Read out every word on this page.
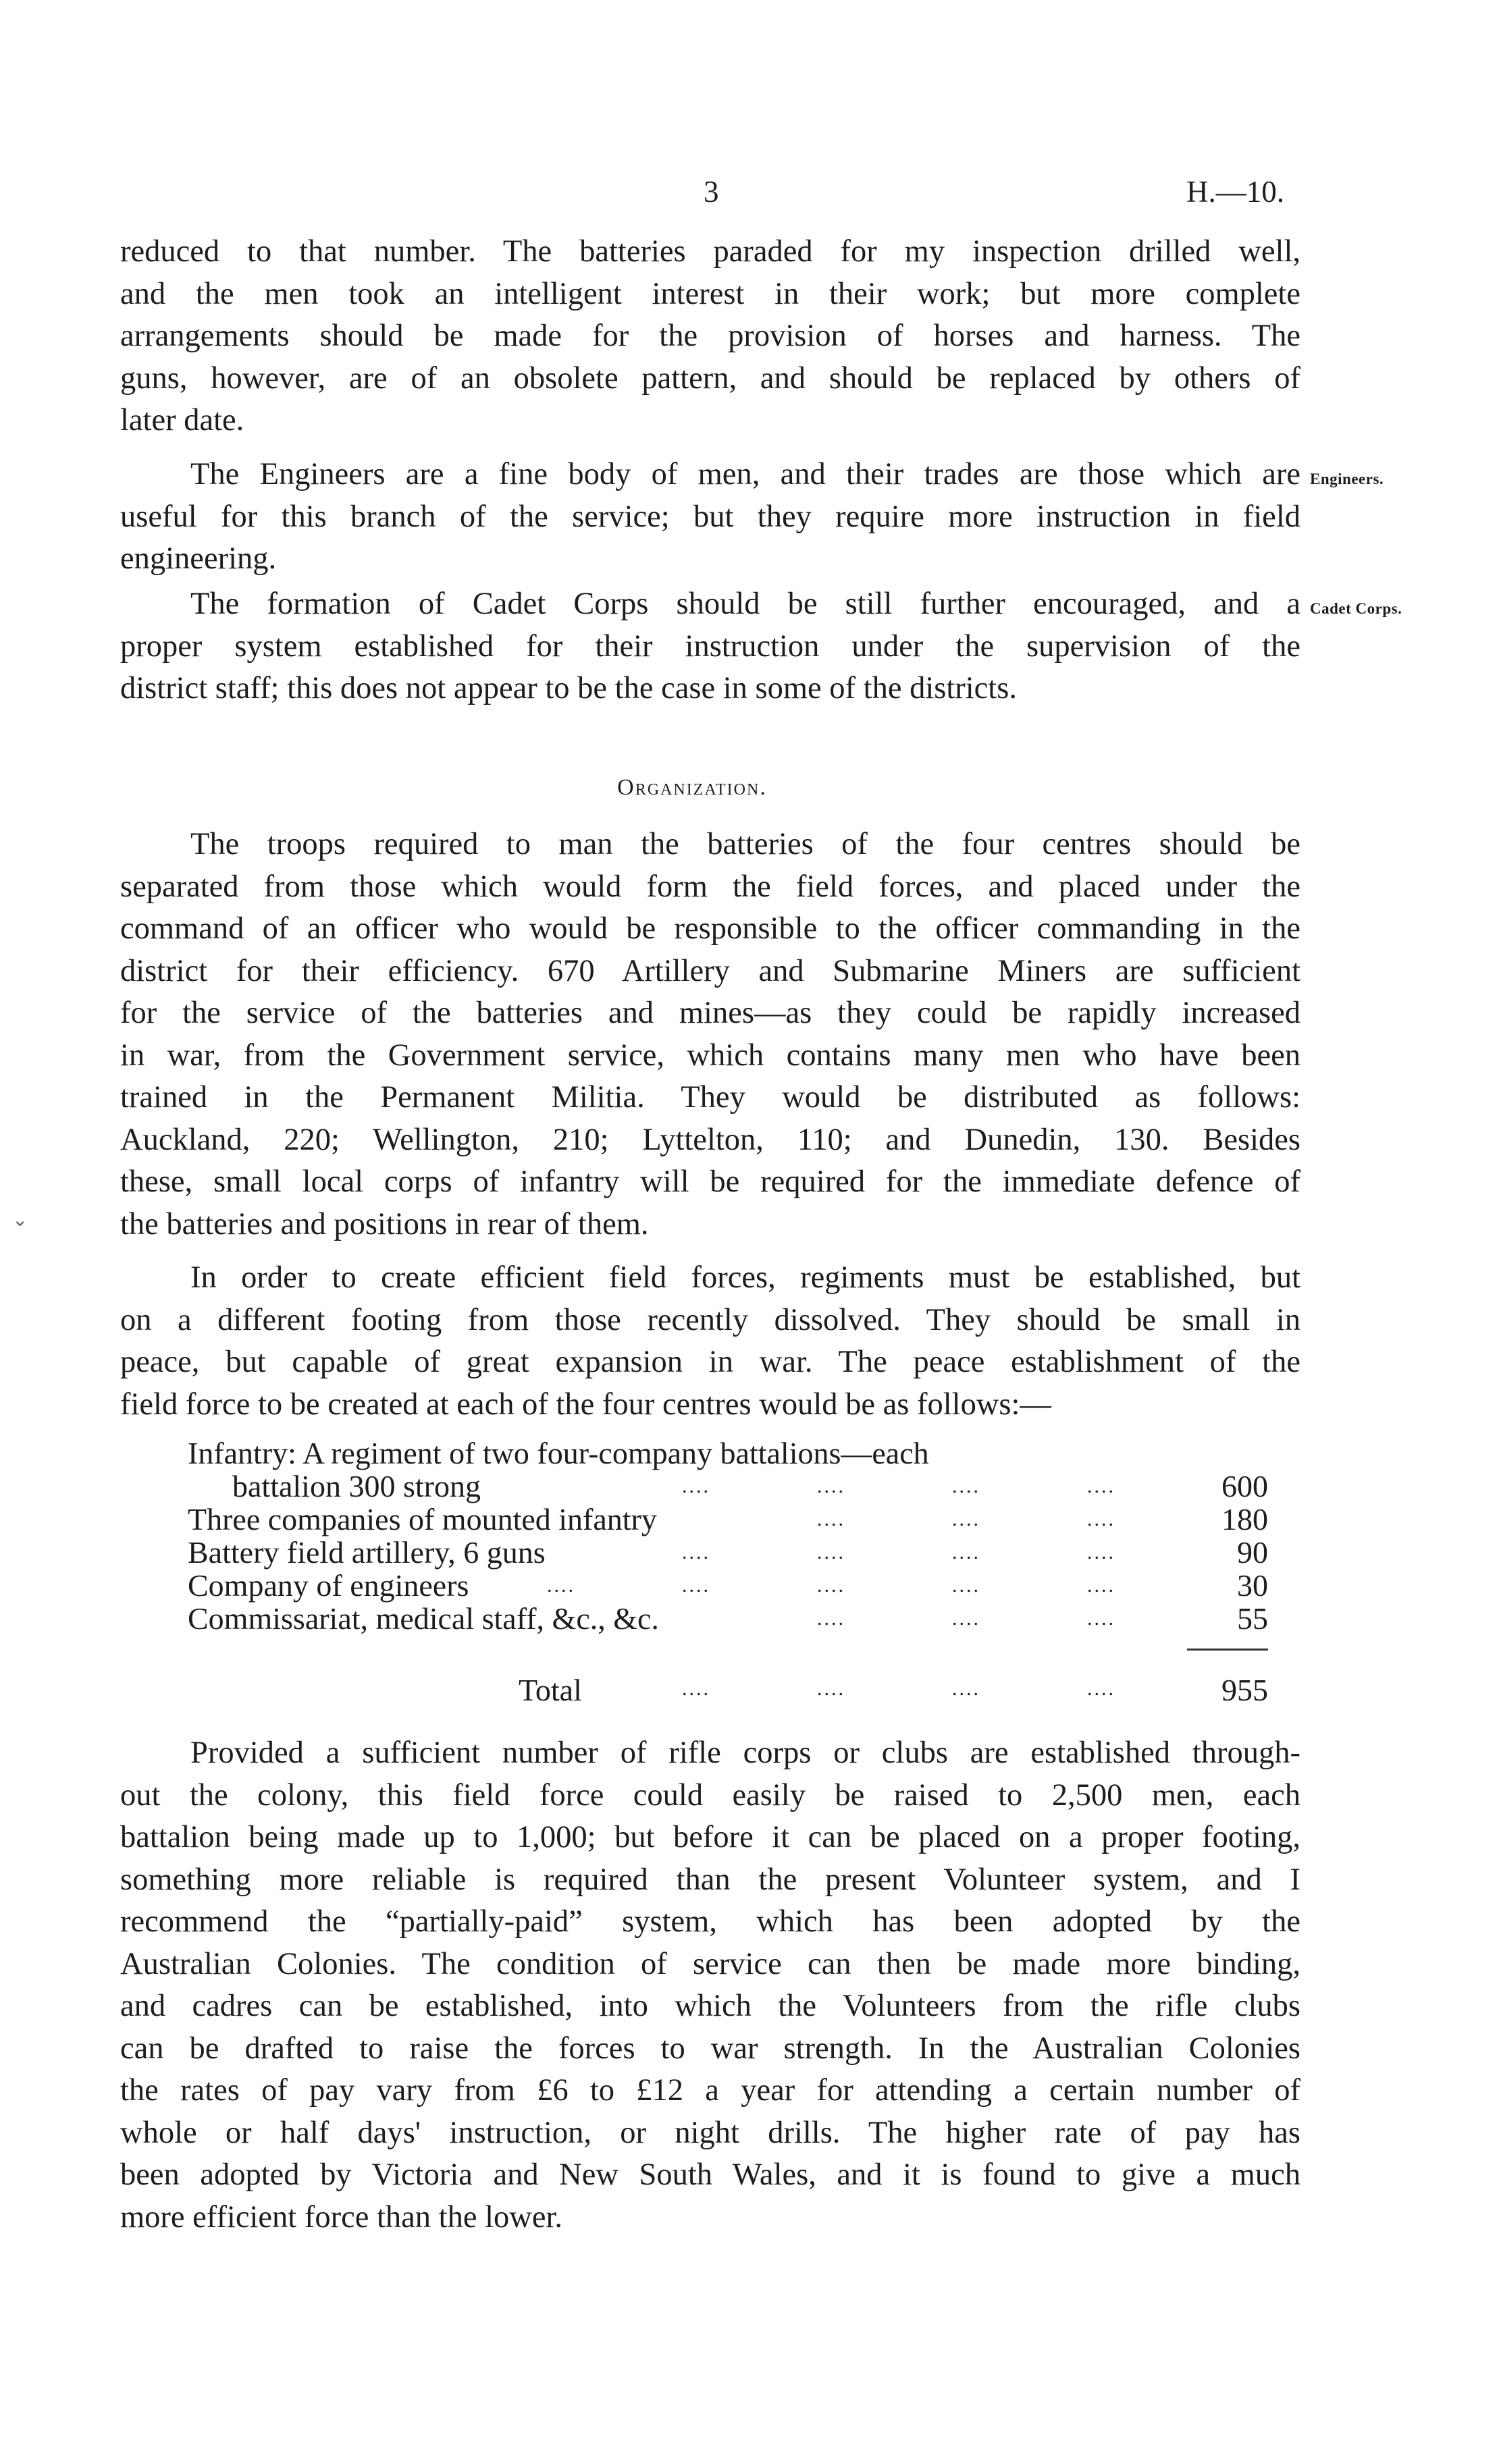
3	H.—10.
reduced to that number. The batteries paraded for my inspection drilled well,
and the men took an intelligent interest in their work; but more complete
arrangements should be made for the provision of horses and harness. The
guns, however, are of an obsolete pattern, and should be replaced by others of
later date.
The Engineers are a fine body of men, and their trades are those which are
useful for this branch of the service; but they require more instruction in field
engineering.
Engineers.
The formation of Cadet Corps should be still further encouraged, and a
proper system established for their instruction under the supervision of the
district staff; this does not appear to be the case in some of the districts.
Cadet Corps.
Organization.
The troops required to man the batteries of the four centres should be
separated from those which would form the field forces, and placed under the
command of an officer who would be responsible to the officer commanding in the
district for their efficiency. 670 Artillery and Submarine Miners are sufficient
for the service of the batteries and mines—as they could be rapidly increased
in war, from the Government service, which contains many men who have been
trained in the Permanent Militia. They would be distributed as follows:
Auckland, 220; Wellington, 210; Lyttelton, 110; and Dunedin, 130. Besides
these, small local corps of infantry will be required for the immediate defence of
the batteries and positions in rear of them.
⌄
In order to create efficient field forces, regiments must be established, but
on a different footing from those recently dissolved. They should be small in
peace, but capable of great expansion in war. The peace establishment of the
field force to be created at each of the four centres would be as follows:—
Infantry: A regiment of two four-company battalions—each
battalion 300 strong	....	....	....	....	600
Three companies of mounted infantry	....	....	....	180
Battery field artillery, 6 guns	....	....	....	....	90
Company of engineers	....	....	....	....	....	30
Commissariat, medical staff, &c., &c.	....	....	....	55
Total	....	....	....	....	955
Provided a sufficient number of rifle corps or clubs are established through-
out the colony, this field force could easily be raised to 2,500 men, each
battalion being made up to 1,000; but before it can be placed on a proper footing,
something more reliable is required than the present Volunteer system, and I
recommend the “partially-paid” system, which has been adopted by the
Australian Colonies. The condition of service can then be made more binding,
and cadres can be established, into which the Volunteers from the rifle clubs
can be drafted to raise the forces to war strength. In the Australian Colonies
the rates of pay vary from £6 to £12 a year for attending a certain number of
whole or half days' instruction, or night drills. The higher rate of pay has
been adopted by Victoria and New South Wales, and it is found to give a much
more efficient force than the lower.
